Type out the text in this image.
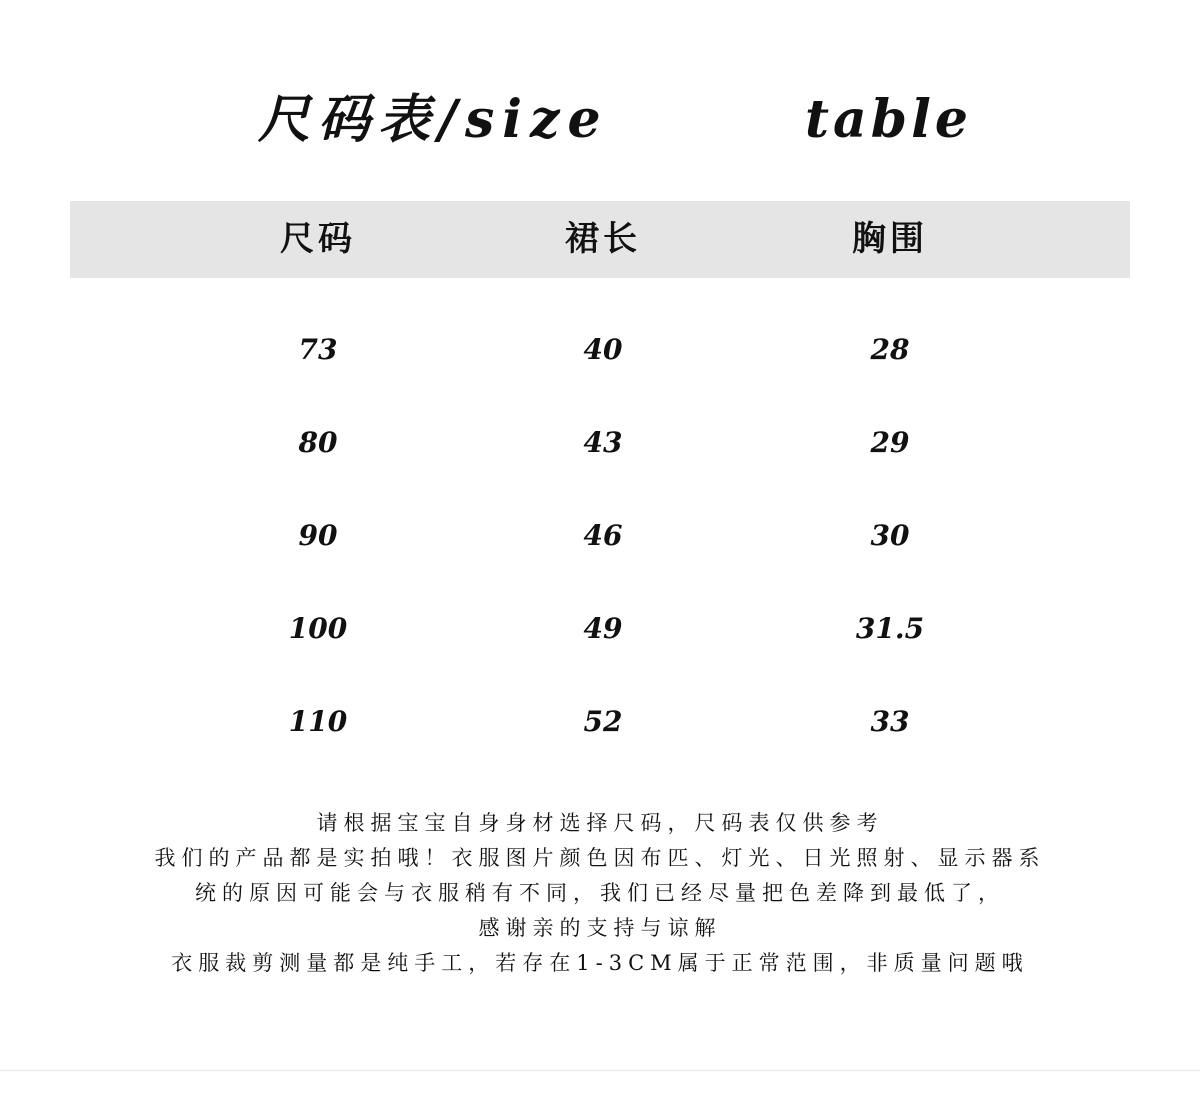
尺码表/size	table
尺码	裙长	胸围
73	40	28
80	43	29
90	46	30
100	49	31.5
110	52	33
请根据宝宝自身身材选择尺码，尺码表仅供参考
我们的产品都是实拍哦！衣服图片颜色因布匹、灯光、日光照射、显示器系
统的原因可能会与衣服稍有不同，我们已经尽量把色差降到最低了，
感谢亲的支持与谅解
衣服裁剪测量都是纯手工，若存在1-3CM属于正常范围，非质量问题哦
